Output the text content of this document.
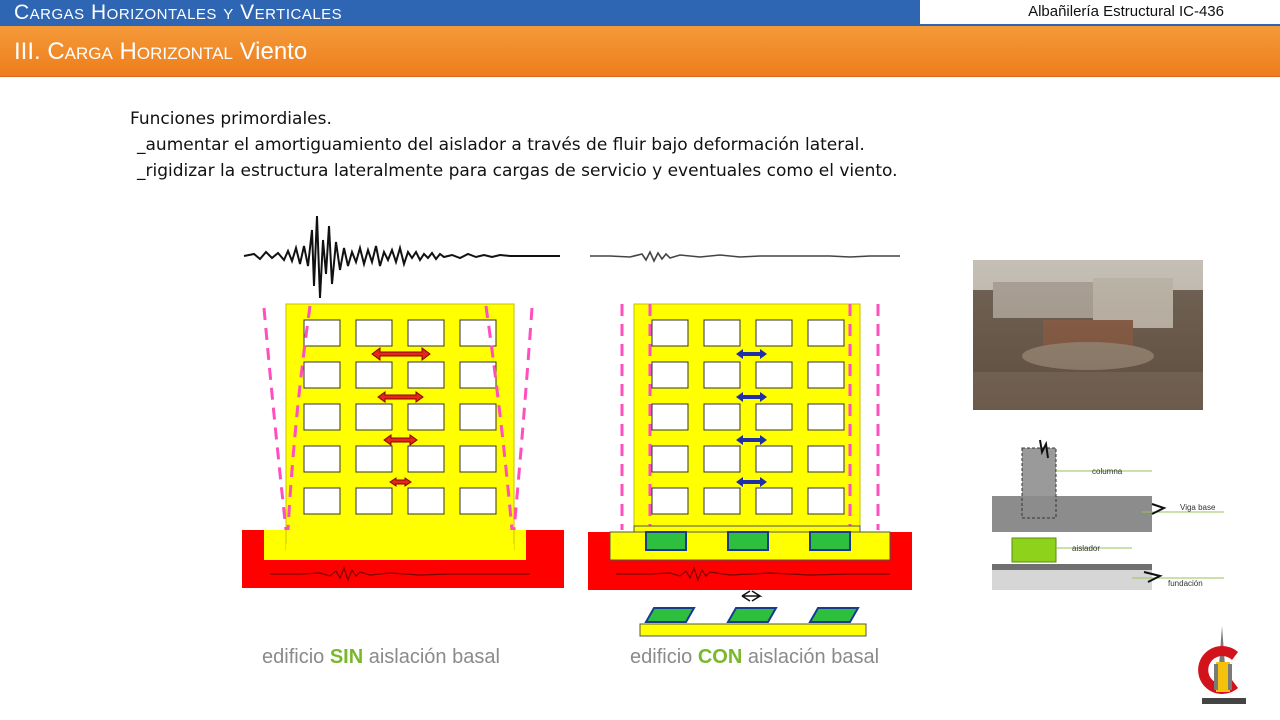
Cargas Horizontales y Verticales	Albañilería Estructural IC-436
III. Carga Horizontal Viento
Funciones primordiales.
_aumentar el amortiguamiento del aislador a través de fluir bajo deformación lateral.
_rigidizar la estructura lateralmente para cargas de servicio y eventuales como el viento.
edificio SIN aislación basal	edificio CON aislación basal
columna
Viga base
aislador
fundación
